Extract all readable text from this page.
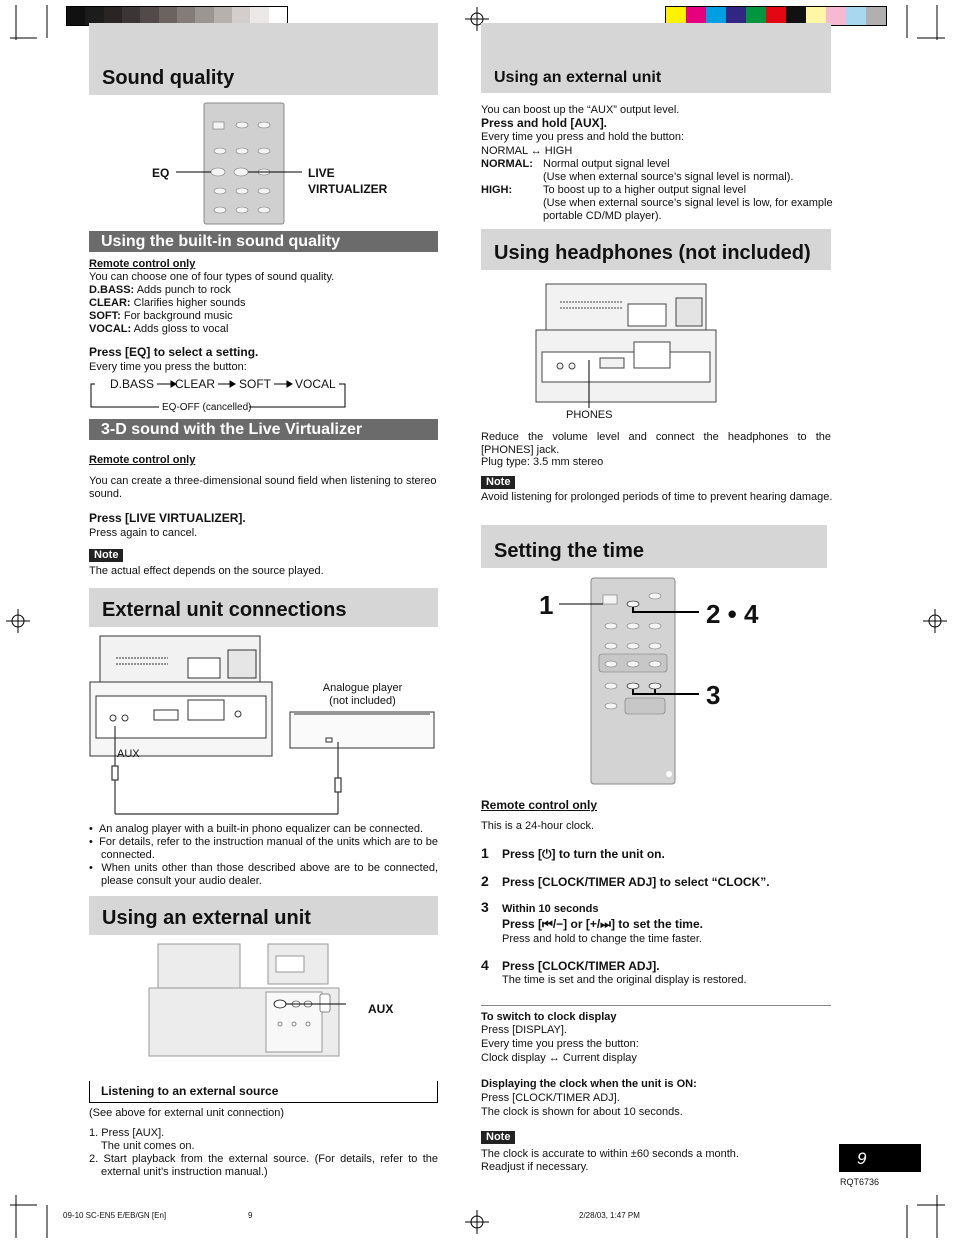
Sound quality
EQ	LIVE
VIRTUALIZER
Using the built-in sound quality
Remote control only
You can choose one of four types of sound quality.
D.BASS: Adds punch to rock
CLEAR: Clarifies higher sounds
SOFT: For background music
VOCAL: Adds gloss to vocal
Press [EQ] to select a setting.
Every time you press the button:
D.BASS CLEAR SOFT VOCAL
EQ-OFF (cancelled)
3-D sound with the Live Virtualizer
Remote control only
You can create a three-dimensional sound field when listening to stereo sound.
Press [LIVE VIRTUALIZER].
Press again to cancel.
Note
The actual effect depends on the source played.
External unit connections
Analogue player
(not included)
AUX
•  An analog player with a built-in phono equalizer can be connected.
•  For details, refer to the instruction manual of the units which are to be connected.
•  When units other than those described above are to be connected, please consult your audio dealer.
Using an external unit
AUX
Listening to an external source
(See above for external unit connection)
1. Press [AUX].
The unit comes on.
2. Start playback from the external source. (For details, refer to the external unit’s instruction manual.)
Using an external unit
You can boost up the “AUX” output level.
Press and hold [AUX].
Every time you press and hold the button:
NORMAL ↔ HIGH
NORMAL: Normal output signal level
(Use when external source’s signal level is normal).
HIGH:	To boost up to a higher output signal level
(Use when external source’s signal level is low, for example portable CD/MD player).
Using headphones (not included)
PHONES
Reduce the volume level and connect the headphones to the [PHONES] jack.
Plug type: 3.5 mm stereo
Note
Avoid listening for prolonged periods of time to prevent hearing damage.
Setting the time
1	2 • 4
3
Remote control only
This is a 24-hour clock.
1 Press [⏻] to turn the unit on.
2 Press [CLOCK/TIMER ADJ] to select “CLOCK”.
3 Within 10 seconds
Press [⏮/−] or [+/⏭] to set the time.
Press and hold to change the time faster.
4 Press [CLOCK/TIMER ADJ].
The time is set and the original display is restored.
To switch to clock display
Press [DISPLAY].
Every time you press the button:
Clock display ↔ Current display
Displaying the clock when the unit is ON:
Press [CLOCK/TIMER ADJ].
The clock is shown for about 10 seconds.
Note
The clock is accurate to within ±60 seconds a month.
Readjust if necessary.	9
RQT6736
09-10 SC-EN5 E/EB/GN [En]	9	2/28/03, 1:47 PM
